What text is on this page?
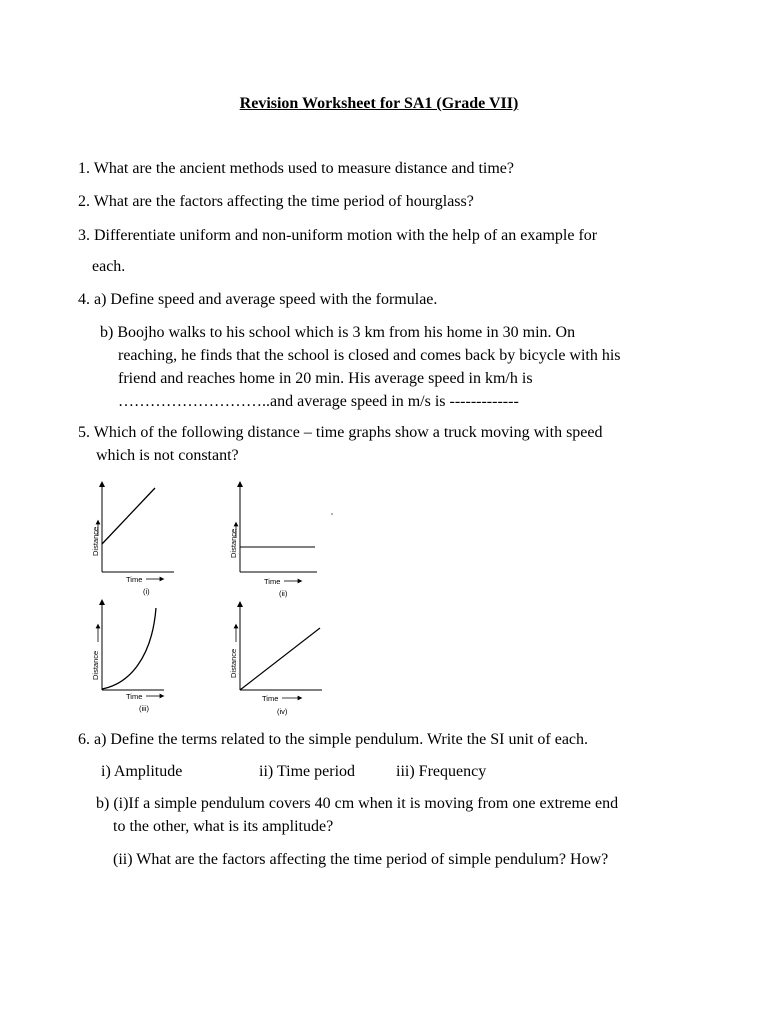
Revision Worksheet for SA1 (Grade VII)
1. What are the ancient methods used to measure distance and time?
2. What are the factors affecting the time period of hourglass?
3. Differentiate uniform and non-uniform motion with the help of an example for
each.
4. a) Define speed and average speed with the formulae.
b) Boojho walks to his school which is 3 km from his home in 30 min. On
reaching, he finds that the school is closed and comes back by bicycle with his
friend and reaches home in 20 min. His average speed in km/h is
………………………..and average speed in m/s is -------------
5. Which of the following distance – time graphs show a truck moving with speed
which is not constant?
Distance
Time
(i)
Distance
Time
(ii)
Distance
Time
(iii)
Distance
Time
(iv)
6. a) Define the terms related to the simple pendulum. Write the SI unit of each.
i) Amplitude	ii) Time period	iii) Frequency
b) (i)If a simple pendulum covers 40 cm when it is moving from one extreme end
to the other, what is its amplitude?
(ii) What are the factors affecting the time period of simple pendulum? How?
